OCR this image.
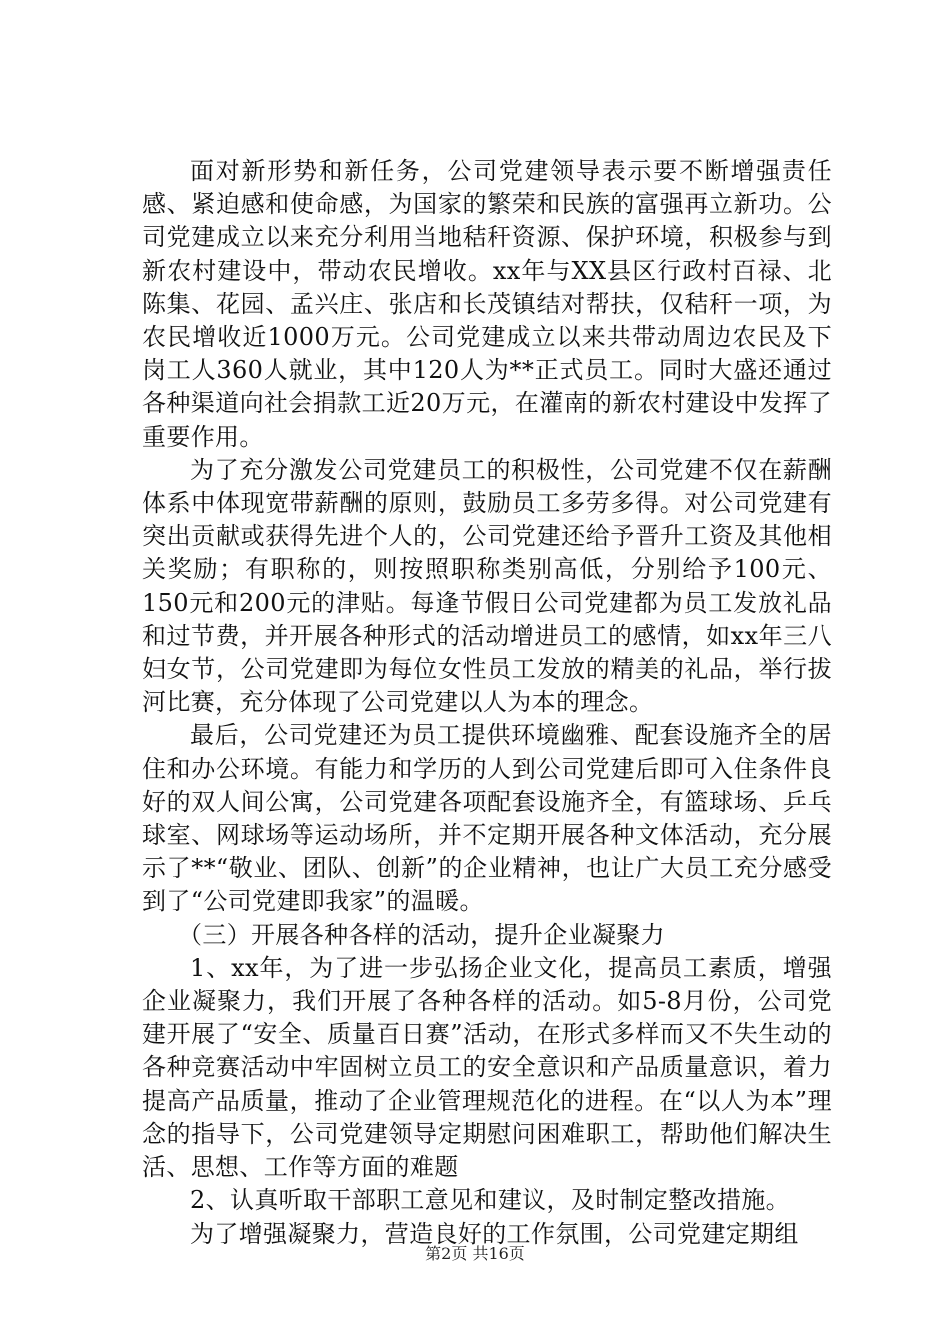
面对新形势和新任务，公司党建领导表示要不断增强责任感、紧迫感和使命感，为国家的繁荣和民族的富强再立新功。公司党建成立以来充分利用当地秸秆资源、保护环境，积极参与到新农村建设中，带动农民增收。xx年与XX县区行政村百禄、北陈集、花园、孟兴庄、张店和长茂镇结对帮扶，仅秸秆一项，为农民增收近1000万元。公司党建成立以来共带动周边农民及下岗工人360人就业，其中120人为**正式员工。同时大盛还通过各种渠道向社会捐款工近20万元，在灌南的新农村建设中发挥了重要作用。

为了充分激发公司党建员工的积极性，公司党建不仅在薪酬体系中体现宽带薪酬的原则，鼓励员工多劳多得。对公司党建有突出贡献或获得先进个人的，公司党建还给予晋升工资及其他相关奖励；有职称的，则按照职称类别高低，分别给予100元、150元和200元的津贴。每逢节假日公司党建都为员工发放礼品和过节费，并开展各种形式的活动增进员工的感情，如xx年三八妇女节，公司党建即为每位女性员工发放的精美的礼品，举行拔河比赛，充分体现了公司党建以人为本的理念。

最后，公司党建还为员工提供环境幽雅、配套设施齐全的居住和办公环境。有能力和学历的人到公司党建后即可入住条件良好的双人间公寓，公司党建各项配套设施齐全，有篮球场、乒乓球室、网球场等运动场所，并不定期开展各种文体活动，充分展示了**“敬业、团队、创新”的企业精神，也让广大员工充分感受到了“公司党建即我家”的温暖。

（三）开展各种各样的活动，提升企业凝聚力

1、xx年，为了进一步弘扬企业文化，提高员工素质，增强企业凝聚力，我们开展了各种各样的活动。如5-8月份，公司党建开展了“安全、质量百日赛”活动，在形式多样而又不失生动的各种竞赛活动中牢固树立员工的安全意识和产品质量意识，着力提高产品质量，推动了企业管理规范化的进程。在“以人为本”理念的指导下，公司党建领导定期慰问困难职工，帮助他们解决生活、思想、工作等方面的难题

2、认真听取干部职工意见和建议，及时制定整改措施。

为了增强凝聚力，营造良好的工作氛围，公司党建定期组

第2页 共16页
